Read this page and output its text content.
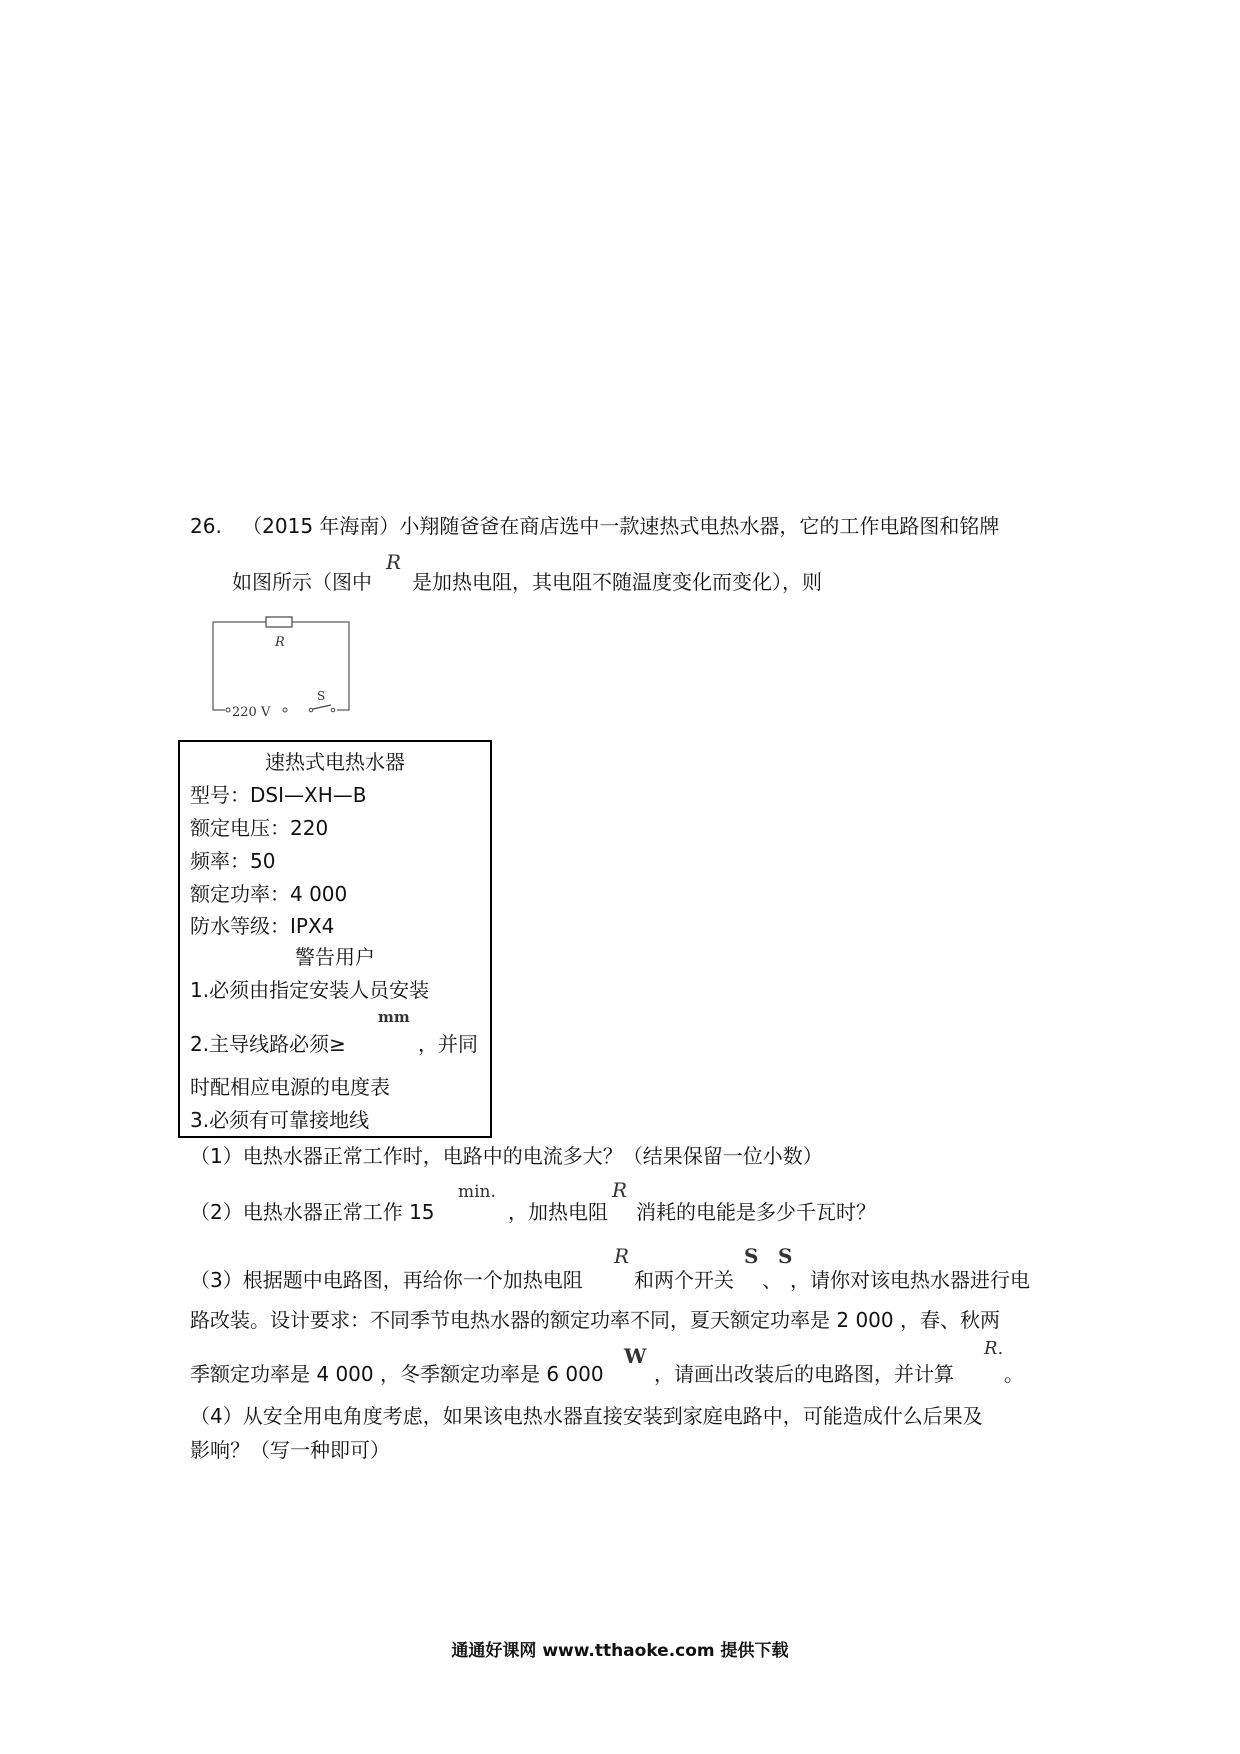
26. （2015 年海南）小翔随爸爸在商店选中一款速热式电热水器，它的工作电路图和铭牌
R
如图所示（图中 是加热电阻，其电阻不随温度变化而变化），则
R
220 V
S
速热式电热水器
型号：DSI—XH—B
额定电压：220
频率：50
额定功率：4 000
防水等级：IPX4
警告用户
1.必须由指定安装人员安装
mm
2.主导线路必须≥	，并同
时配相应电源的电度表
3.必须有可靠接地线
（1）电热水器正常工作时，电路中的电流多大？（结果保留一位小数）
min.	R
（2）电热水器正常工作 15	，加热电阻 消耗的电能是多少千瓦时？
R	S S
（3）根据题中电路图，再给你一个加热电阻	和两个开关 、 ，请你对该电热水器进行电
路改装。设计要求：不同季节电热水器的额定功率不同，夏天额定功率是 2 000 ，春、秋两
W	R.
季额定功率是 4 000 ，冬季额定功率是 6 000	，请画出改装后的电路图，并计算	。
（4）从安全用电角度考虑，如果该电热水器直接安装到家庭电路中，可能造成什么后果及
影响？（写一种即可）
通通好课网 www.tthaoke.com 提供下载
